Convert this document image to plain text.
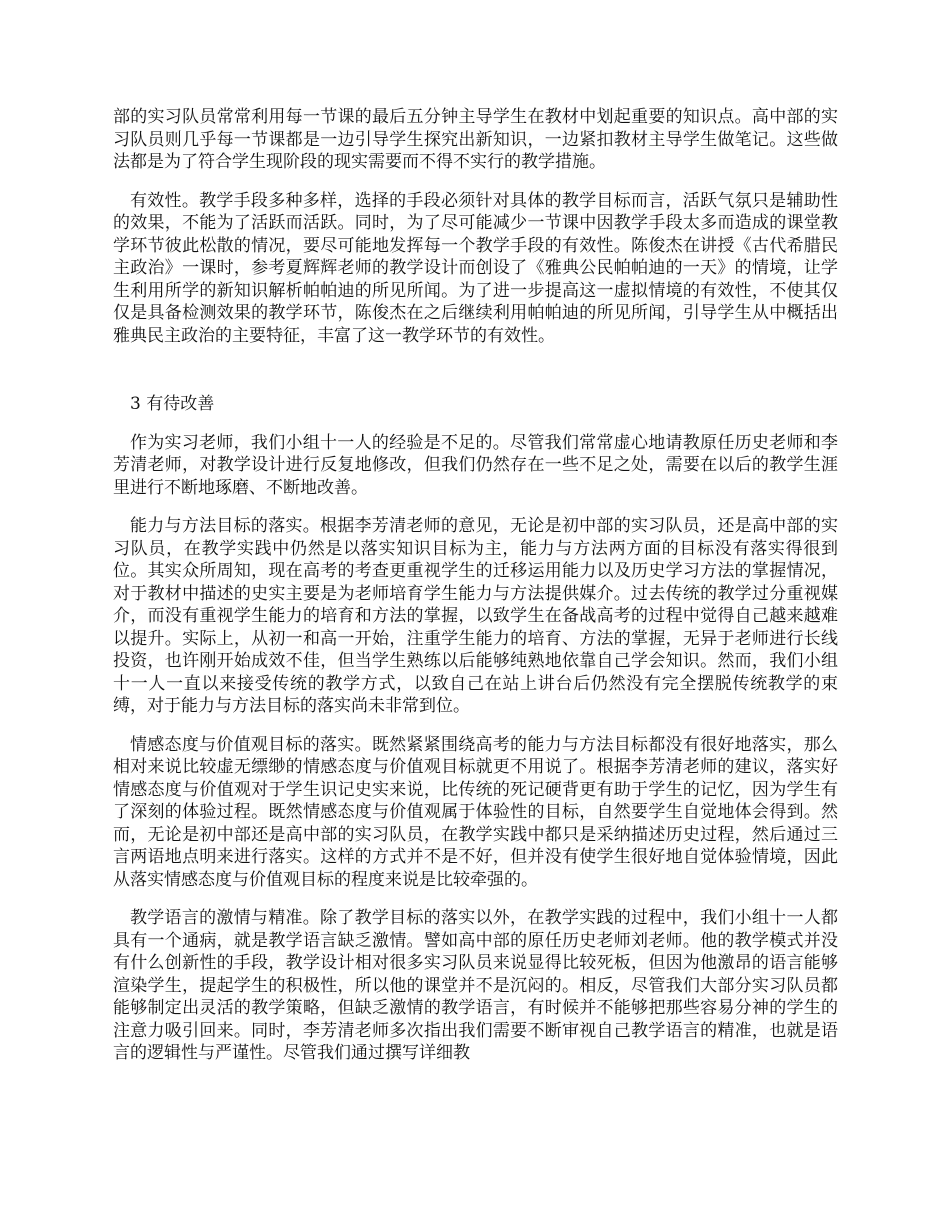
部的实习队员常常利用每一节课的最后五分钟主导学生在教材中划起重要的知识点。高中部的实习队员则几乎每一节课都是一边引导学生探究出新知识，一边紧扣教材主导学生做笔记。这些做法都是为了符合学生现阶段的现实需要而不得不实行的教学措施。

有效性。教学手段多种多样，选择的手段必须针对具体的教学目标而言，活跃气氛只是辅助性的效果，不能为了活跃而活跃。同时，为了尽可能减少一节课中因教学手段太多而造成的课堂教学环节彼此松散的情况，要尽可能地发挥每一个教学手段的有效性。陈俊杰在讲授《古代希腊民主政治》一课时，参考夏辉辉老师的教学设计而创设了《雅典公民帕帕迪的一天》的情境，让学生利用所学的新知识解析帕帕迪的所见所闻。为了进一步提高这一虚拟情境的有效性，不使其仅仅是具备检测效果的教学环节，陈俊杰在之后继续利用帕帕迪的所见所闻，引导学生从中概括出雅典民主政治的主要特征，丰富了这一教学环节的有效性。

3 有待改善

作为实习老师，我们小组十一人的经验是不足的。尽管我们常常虚心地请教原任历史老师和李芳清老师，对教学设计进行反复地修改，但我们仍然存在一些不足之处，需要在以后的教学生涯里进行不断地琢磨、不断地改善。

能力与方法目标的落实。根据李芳清老师的意见，无论是初中部的实习队员，还是高中部的实习队员，在教学实践中仍然是以落实知识目标为主，能力与方法两方面的目标没有落实得很到位。其实众所周知，现在高考的考查更重视学生的迁移运用能力以及历史学习方法的掌握情况，对于教材中描述的史实主要是为老师培育学生能力与方法提供媒介。过去传统的教学过分重视媒介，而没有重视学生能力的培育和方法的掌握，以致学生在备战高考的过程中觉得自己越来越难以提升。实际上，从初一和高一开始，注重学生能力的培育、方法的掌握，无异于老师进行长线投资，也许刚开始成效不佳，但当学生熟练以后能够纯熟地依靠自己学会知识。然而，我们小组十一人一直以来接受传统的教学方式，以致自己在站上讲台后仍然没有完全摆脱传统教学的束缚，对于能力与方法目标的落实尚未非常到位。

情感态度与价值观目标的落实。既然紧紧围绕高考的能力与方法目标都没有很好地落实，那么相对来说比较虚无缥缈的情感态度与价值观目标就更不用说了。根据李芳清老师的建议，落实好情感态度与价值观对于学生识记史实来说，比传统的死记硬背更有助于学生的记忆，因为学生有了深刻的体验过程。既然情感态度与价值观属于体验性的目标，自然要学生自觉地体会得到。然而，无论是初中部还是高中部的实习队员，在教学实践中都只是采纳描述历史过程，然后通过三言两语地点明来进行落实。这样的方式并不是不好，但并没有使学生很好地自觉体验情境，因此从落实情感态度与价值观目标的程度来说是比较牵强的。

教学语言的激情与精准。除了教学目标的落实以外，在教学实践的过程中，我们小组十一人都具有一个通病，就是教学语言缺乏激情。譬如高中部的原任历史老师刘老师。他的教学模式并没有什么创新性的手段，教学设计相对很多实习队员来说显得比较死板，但因为他激昂的语言能够渲染学生，提起学生的积极性，所以他的课堂并不是沉闷的。相反，尽管我们大部分实习队员都能够制定出灵活的教学策略，但缺乏激情的教学语言，有时候并不能够把那些容易分神的学生的注意力吸引回来。同时，李芳清老师多次指出我们需要不断审视自己教学语言的精准，也就是语言的逻辑性与严谨性。尽管我们通过撰写详细教
